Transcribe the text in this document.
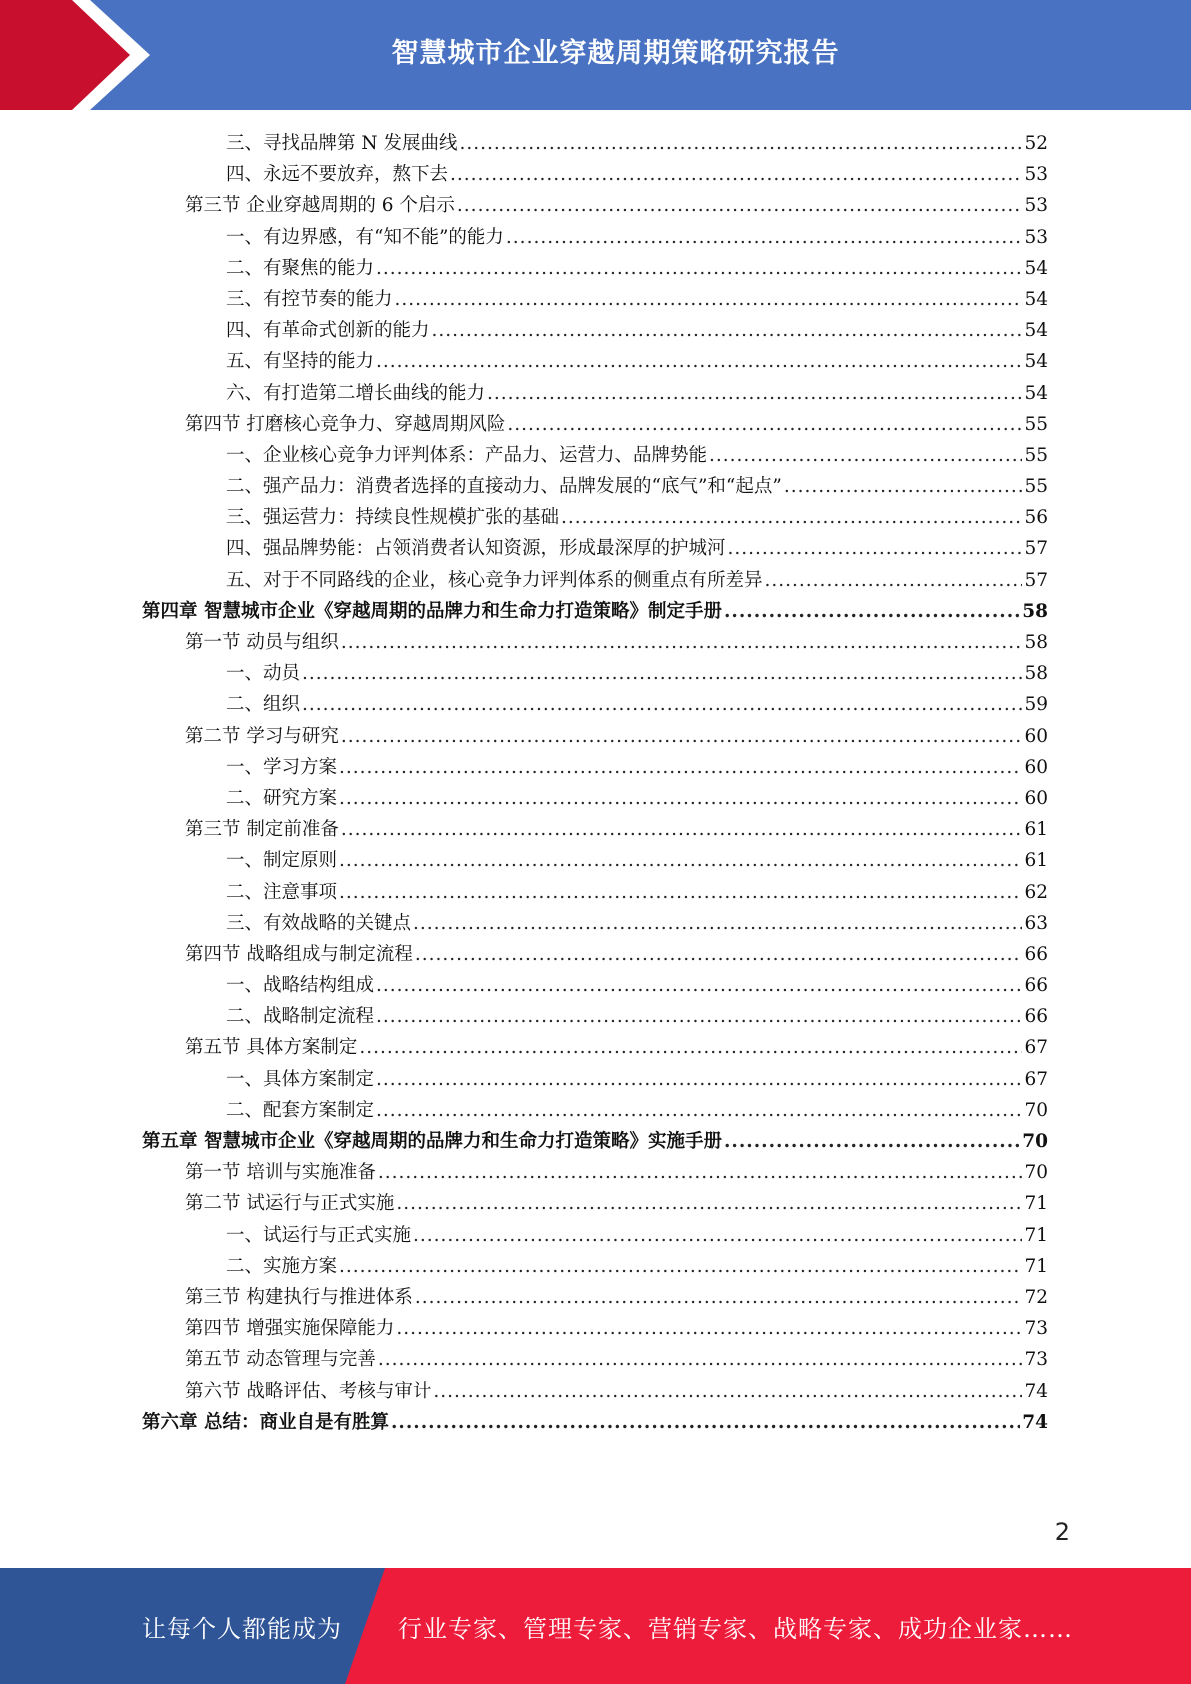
智慧城市企业穿越周期策略研究报告
三、寻找品牌第 N 发展曲线 .....	52
四、永远不要放弃，熬下去 .....	53
第三节 企业穿越周期的 6 个启示 .....	53
一、有边界感，有“知不能”的能力 .....	53
二、有聚焦的能力 .....	54
三、有控节奏的能力 .....	54
四、有革命式创新的能力 .....	54
五、有坚持的能力 .....	54
六、有打造第二增长曲线的能力 .....	54
第四节 打磨核心竞争力、穿越周期风险 .....	55
一、企业核心竞争力评判体系：产品力、运营力、品牌势能 .....	55
二、强产品力：消费者选择的直接动力、品牌发展的“底气”和“起点” .....	55
三、强运营力：持续良性规模扩张的基础 .....	56
四、强品牌势能：占领消费者认知资源，形成最深厚的护城河 .....	57
五、对于不同路线的企业，核心竞争力评判体系的侧重点有所差异 .....	57
第四章 智慧城市企业《穿越周期的品牌力和生命力打造策略》制定手册 .....	58
第一节 动员与组织 .....	58
一、动员 .....	58
二、组织 .....	59
第二节 学习与研究 .....	60
一、学习方案 .....	60
二、研究方案 .....	60
第三节 制定前准备 .....	61
一、制定原则 .....	61
二、注意事项 .....	62
三、有效战略的关键点 .....	63
第四节 战略组成与制定流程 .....	66
一、战略结构组成 .....	66
二、战略制定流程 .....	66
第五节 具体方案制定 .....	67
一、具体方案制定 .....	67
二、配套方案制定 .....	70
第五章 智慧城市企业《穿越周期的品牌力和生命力打造策略》实施手册 .....	70
第一节 培训与实施准备 .....	70
第二节 试运行与正式实施 .....	71
一、试运行与正式实施 .....	71
二、实施方案 .....	71
第三节 构建执行与推进体系 .....	72
第四节 增强实施保障能力 .....	73
第五节 动态管理与完善 .....	73
第六节 战略评估、考核与审计 .....	74
第六章 总结：商业自是有胜算 .....	74
2
让每个人都能成为 行业专家、管理专家、营销专家、战略专家、成功企业家……
